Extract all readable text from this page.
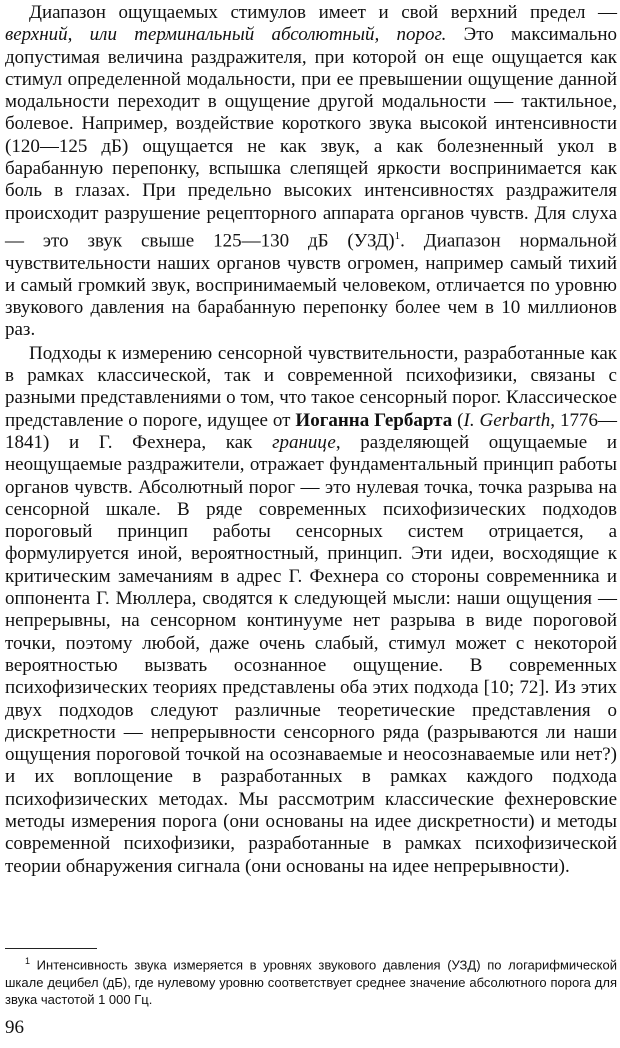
Диапазон ощущаемых стимулов имеет и свой верхний предел — верхний, или терминальный абсолютный, порог. Это максимально допустимая величина раздражителя, при которой он еще ощущается как стимул определенной модальности, при ее превышении ощущение данной модальности переходит в ощущение другой модальности — тактильное, болевое. Например, воздействие короткого звука высокой интенсивности (120—125 дБ) ощущается не как звук, а как болезненный укол в барабанную перепонку, вспышка слепящей яркости воспринимается как боль в глазах. При предельно высоких интенсивностях раздражителя происходит разрушение рецепторного аппарата органов чувств. Для слуха — это звук свыше 125—130 дБ (УЗД)$^1$. Диапазон нормальной чувствительности наших органов чувств огромен, например самый тихий и самый громкий звук, воспринимаемый человеком, отличается по уровню звукового давления на барабанную перепонку более чем в 10 миллионов раз.

Подходы к измерению сенсорной чувствительности, разработанные как в рамках классической, так и современной психофизики, связаны с разными представлениями о том, что такое сенсорный порог. Классическое представление о пороге, идущее от Иоганна Гербарта (I. Gerbarth, 1776—1841) и Г. Фехнера, как границе, разделяющей ощущаемые и неощущаемые раздражители, отражает фундаментальный принцип работы органов чувств. Абсолютный порог — это нулевая точка, точка разрыва на сенсорной шкале. В ряде современных психофизических подходов пороговый принцип работы сенсорных систем отрицается, а формулируется иной, вероятностный, принцип. Эти идеи, восходящие к критическим замечаниям в адрес Г. Фехнера со стороны современника и оппонента Г. Мюллера, сводятся к следующей мысли: наши ощущения — непрерывны, на сенсорном континууме нет разрыва в виде пороговой точки, поэтому любой, даже очень слабый, стимул может с некоторой вероятностью вызвать осознанное ощущение. В современных психофизических теориях представлены оба этих подхода [10; 72]. Из этих двух подходов следуют различные теоретические представления о дискретности — непрерывности сенсорного ряда (разрываются ли наши ощущения пороговой точкой на осознаваемые и неосознаваемые или нет?) и их воплощение в разработанных в рамках каждого подхода психофизических методах. Мы рассмотрим классические фехнеровские методы измерения порога (они основаны на идее дискретности) и методы современной психофизики, разработанные в рамках психофизической теории обнаружения сигнала (они основаны на идее непрерывности).

$^1$ Интенсивность звука измеряется в уровнях звукового давления (УЗД) по логарифмической шкале децибел (дБ), где нулевому уровню соответствует среднее значение абсолютного порога для звука частотой 1 000 Гц.
96
